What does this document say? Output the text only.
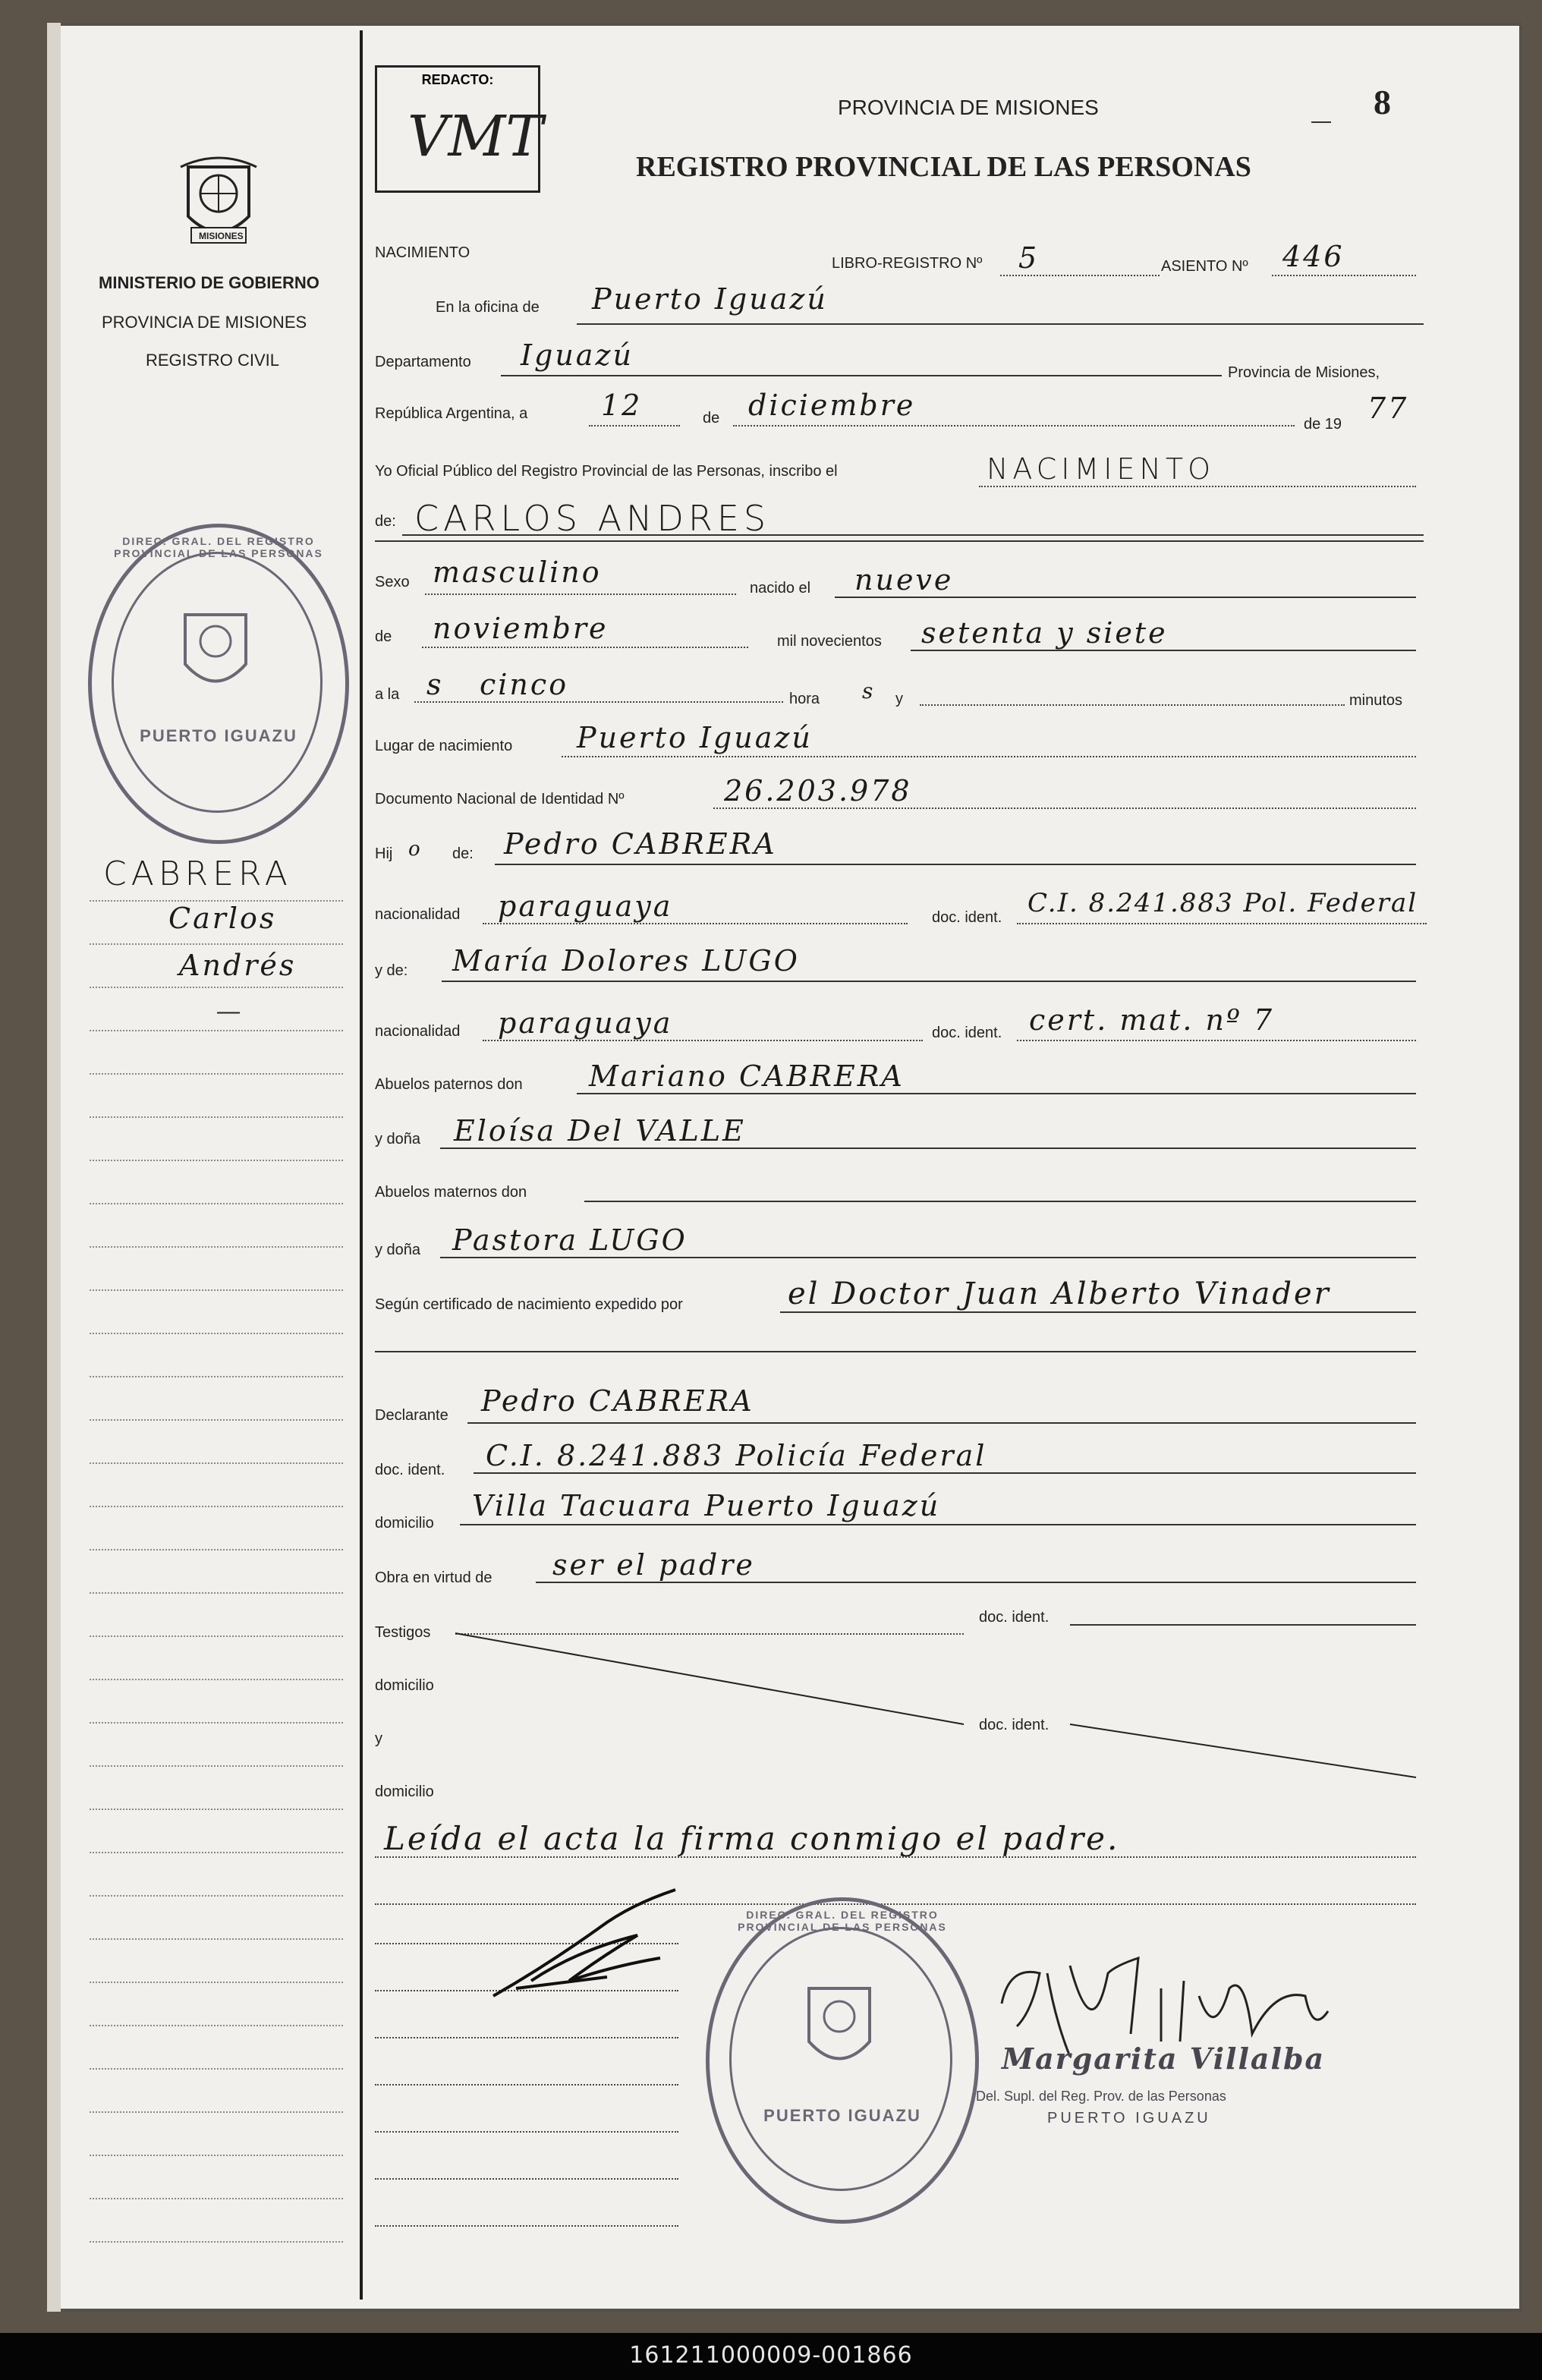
8
REDACTO:
VMT	PROVINCIA DE MISIONES
REGISTRO PROVINCIAL DE LAS PERSONAS
MISIONES
MINISTERIO DE GOBIERNO
PROVINCIA DE MISIONES
REGISTRO CIVIL
DIREC. GRAL. DEL REGISTRO PROVINCIAL DE LAS PERSONAS
PUERTO IGUAZU
CABRERA
Carlos
Andrés
—
NACIMIENTO
LIBRO-REGISTRO Nº 5	ASIENTO Nº 446
En la oficina de Puerto Iguazú
Departamento Iguazú
Provincia de Misiones,
República Argentina, a	12	de diciembre
de 19 77
Yo Oficial Público del Registro Provincial de las Personas, inscribo el	NACIMIENTO
de: CARLOS ANDRES
Sexo masculino	nacido el nueve
de noviembre	mil novecientos setenta y siete
a la s cinco	hora s y	minutos
Lugar de nacimiento Puerto Iguazú
Documento Nacional de Identidad Nº	26.203.978
Hij o de: Pedro CABRERA
nacionalidad paraguaya	doc. ident. C.I. 8.241.883 Pol. Federal
y de: María Dolores LUGO
nacionalidad paraguaya	doc. ident. cert. mat. nº 7
Abuelos paternos don Mariano CABRERA
y doña Eloísa Del VALLE
Abuelos maternos don
y doña Pastora LUGO
Según certificado de nacimiento expedido por	el Doctor Juan Alberto Vinader
Declarante Pedro CABRERA
doc. ident. C.I. 8.241.883 Policía Federal
domicilio
Villa Tacuara Puerto Iguazú
Obra en virtud de ser el padre
Testigos
doc. ident.
domicilio
doc. ident.
y
domicilio
Leída el acta la firma conmigo el padre.
DIREC. GRAL. DEL REGISTRO PROVINCIAL DE LAS PERSONAS
PUERTO IGUAZU
Margarita Villalba
Del. Supl. del Reg. Prov. de las Personas
PUERTO IGUAZU
161211000009-001866
